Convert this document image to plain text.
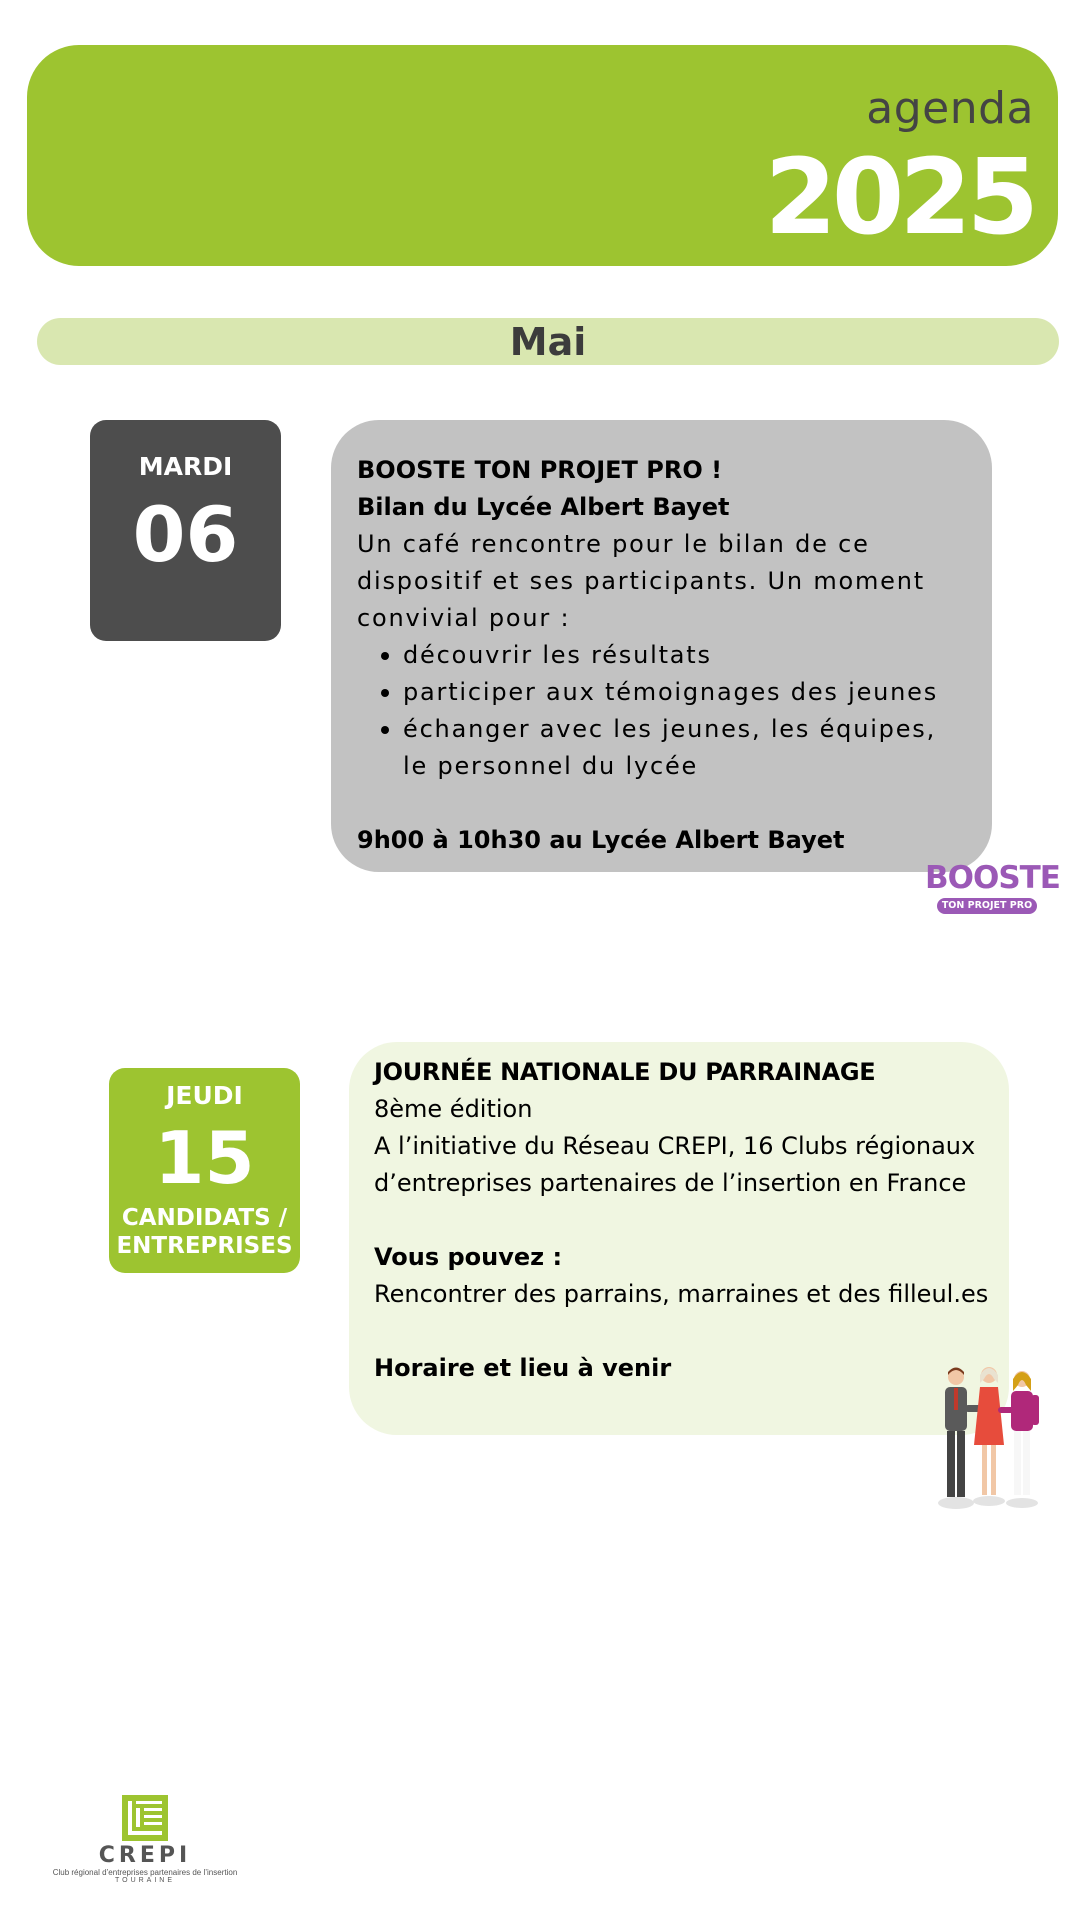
agenda
2025
Mai
MARDI
06
BOOSTE TON PROJET PRO !
Bilan du Lycée Albert Bayet
Un café rencontre pour le bilan de ce dispositif et ses participants. Un moment convivial pour :
découvrir les résultats
participer aux témoignages des jeunes
échanger avec les jeunes, les équipes, le personnel du lycée
9h00 à 10h30 au Lycée Albert Bayet
BOOSTE
TON PROJET PRO
JEUDI
15
CANDIDATS / ENTREPRISES
JOURNÉE NATIONALE DU PARRAINAGE
8ème édition
A l’initiative du Réseau CREPI, 16 Clubs régionaux d’entreprises partenaires de l’insertion en France
Vous pouvez :
Rencontrer des parrains, marraines et des filleul.es
Horaire et lieu à venir
CREPI
Club régional d’entreprises partenaires de l’insertion
TOURAINE
